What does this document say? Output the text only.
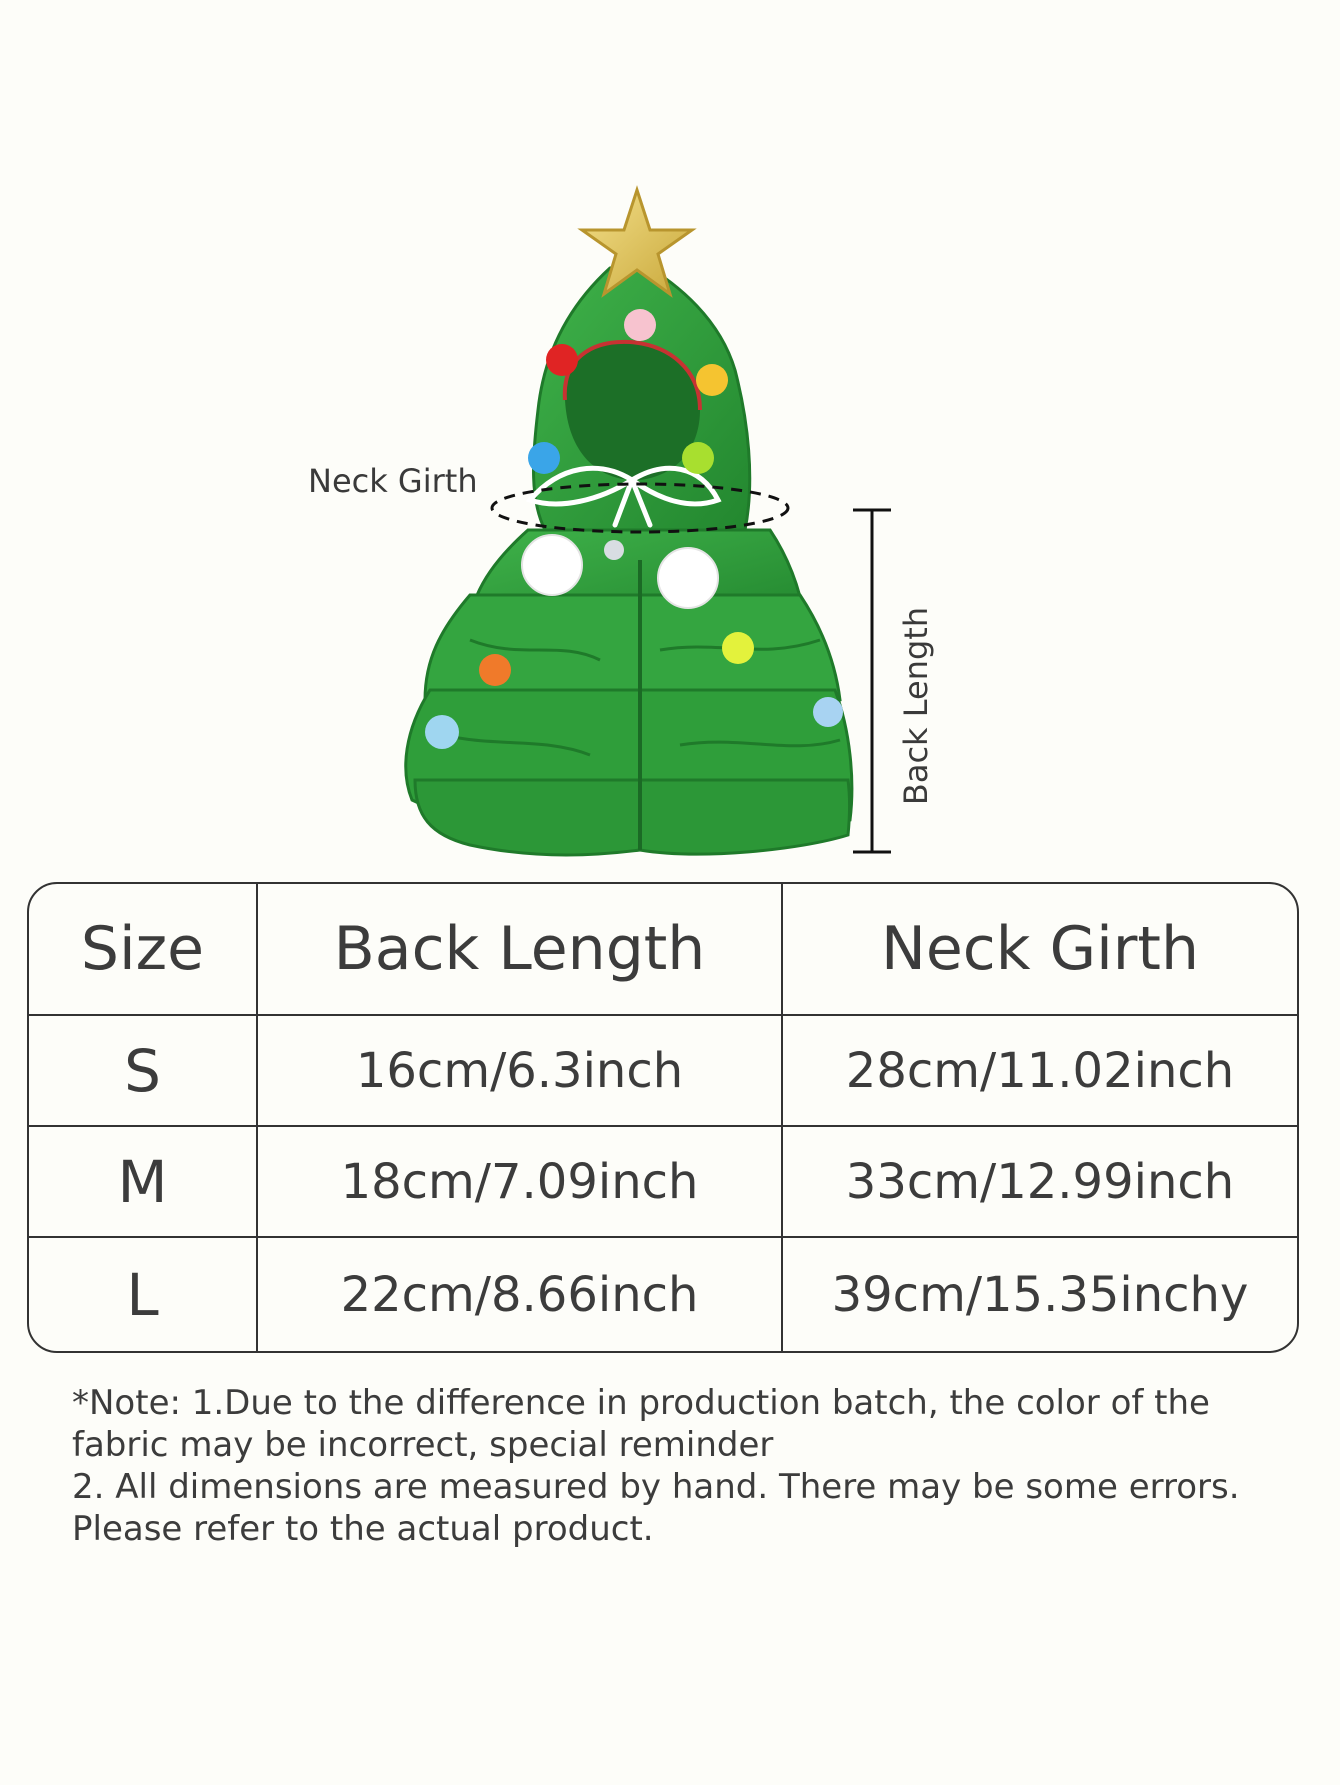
Neck Girth
Back Length
Size	Back Length	Neck Girth
S	16cm/6.3inch	28cm/11.02inch
M	18cm/7.09inch	33cm/12.99inch
L	22cm/8.66inch	39cm/15.35inchy

*Note: 1.Due to the difference in production batch, the color of the fabric may be incorrect, special reminder

2. All dimensions are measured by hand. There may be some errors. Please refer to the actual product.
